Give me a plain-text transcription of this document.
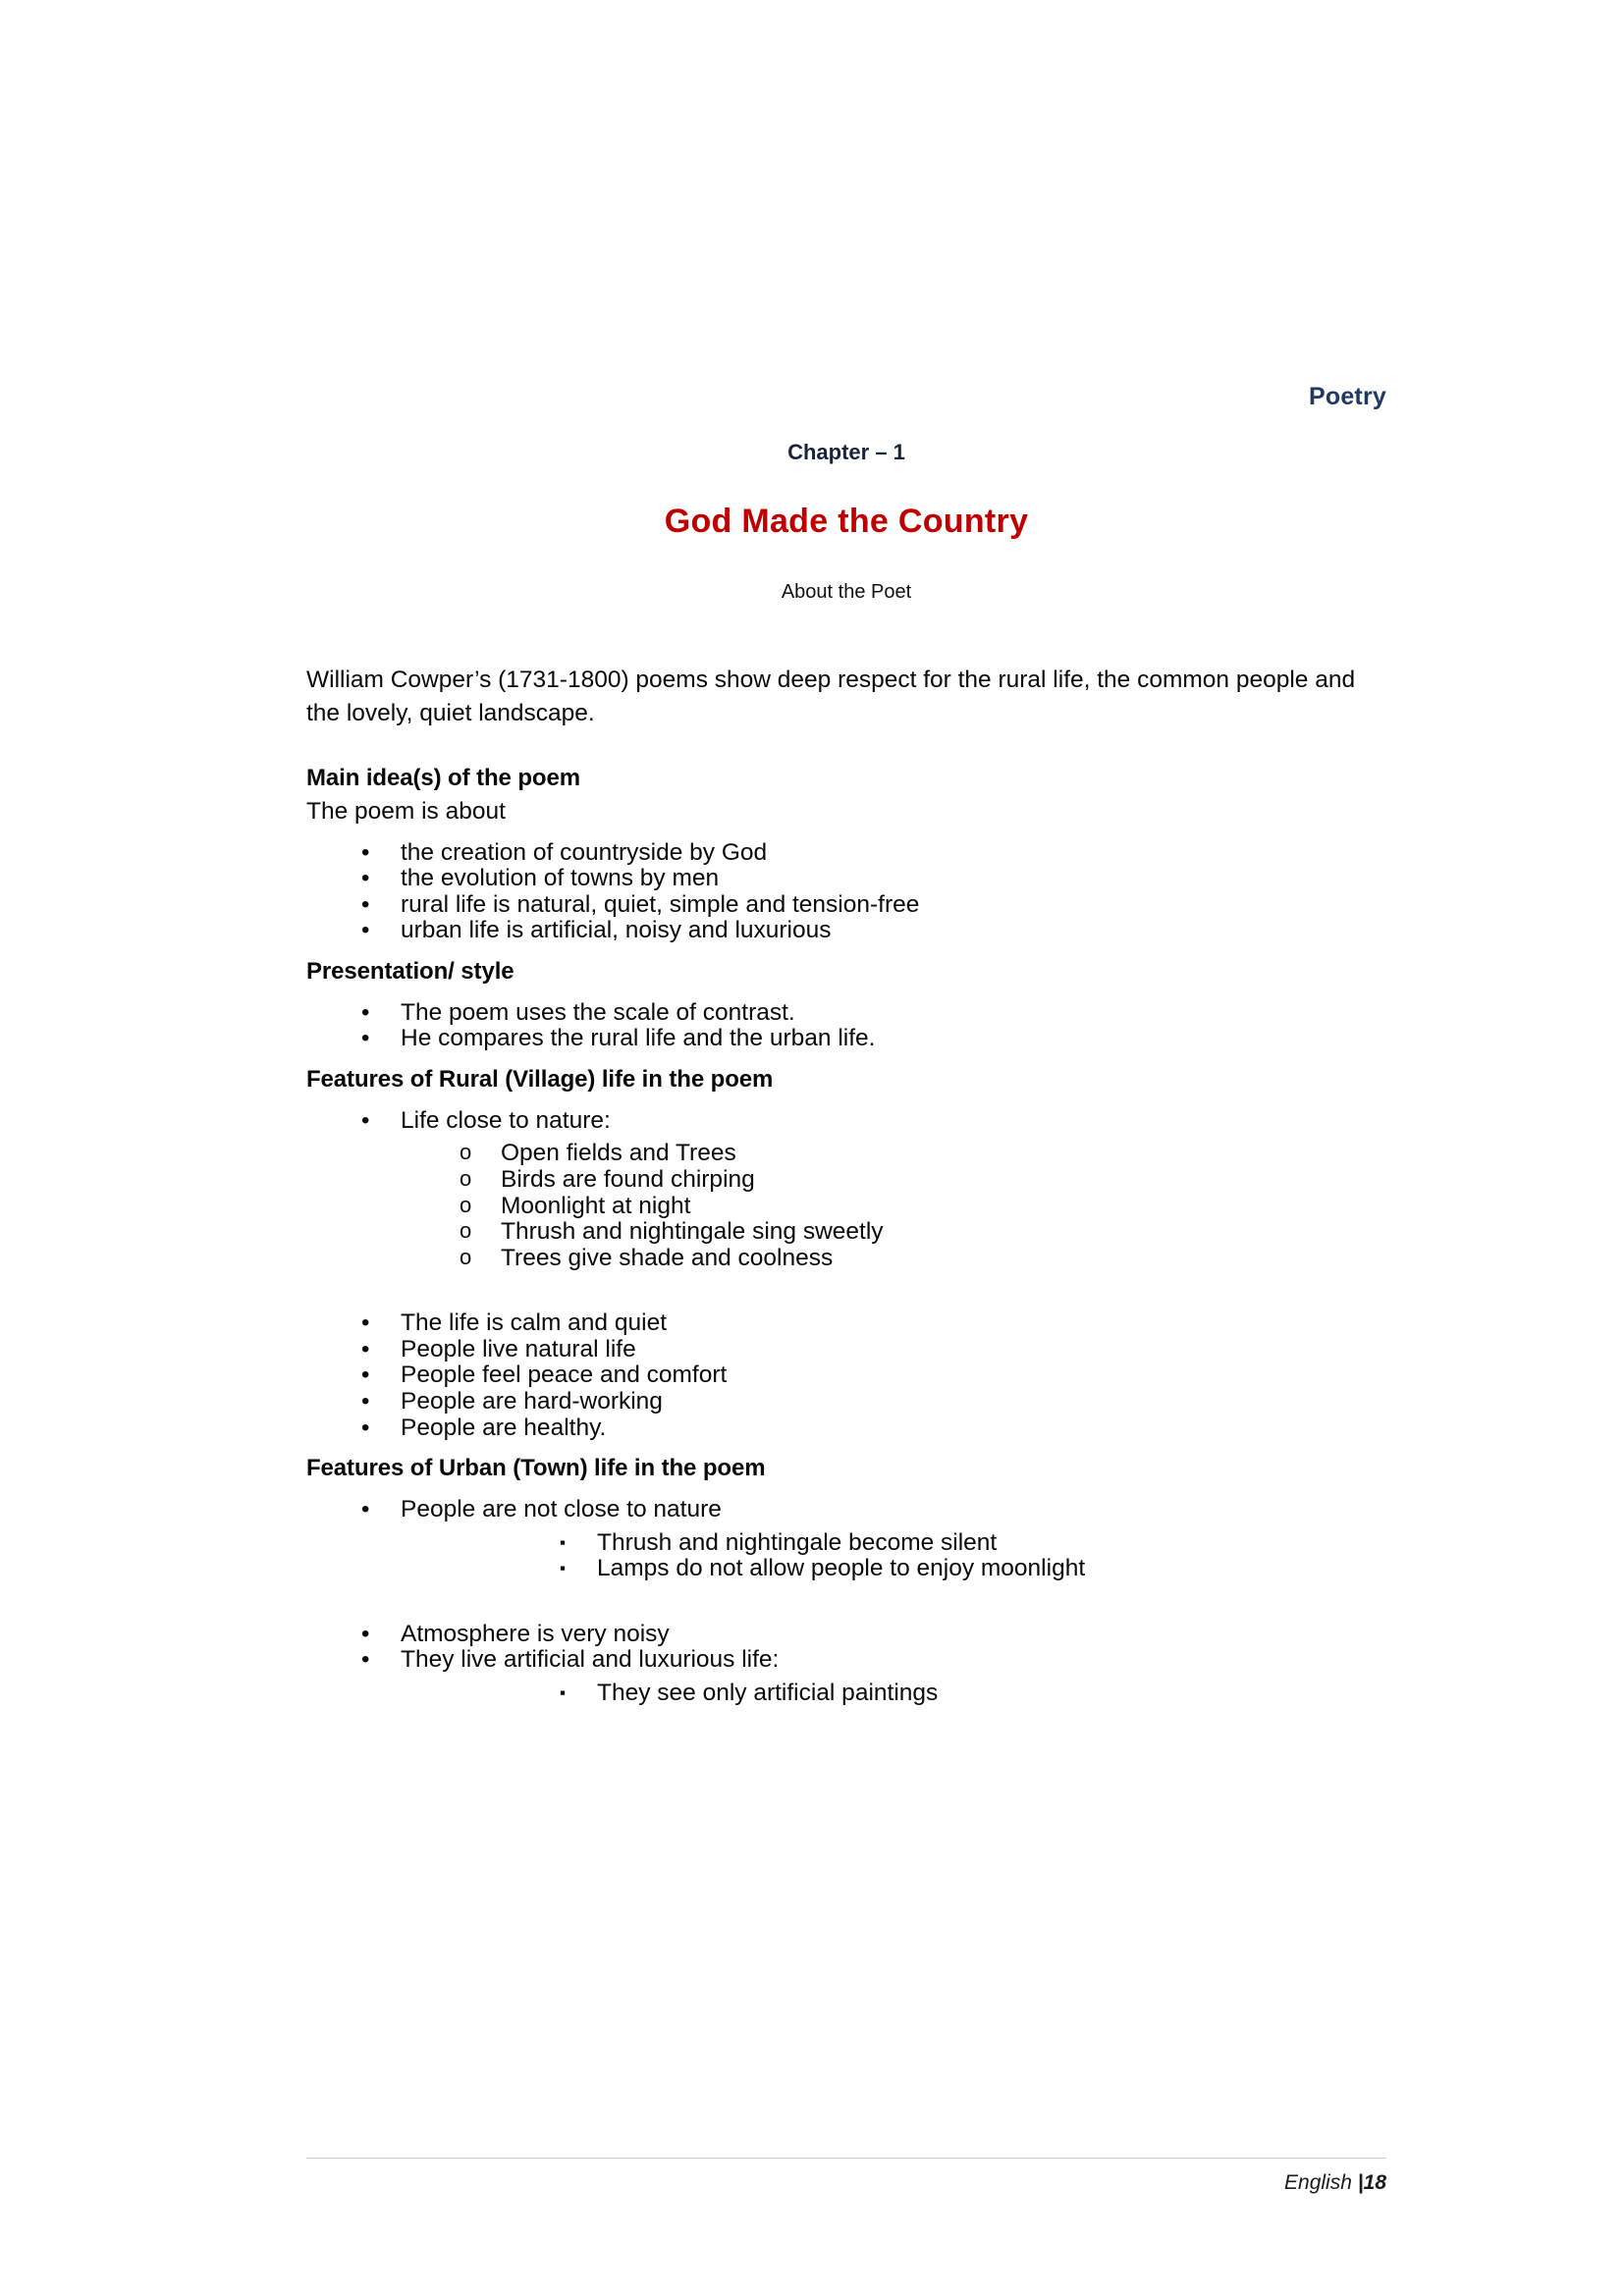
Poetry
Chapter – 1
God Made the Country
About the Poet

William Cowper’s (1731-1800) poems show deep respect for the rural life, the common people and the lovely, quiet landscape.

Main idea(s) of the poem
The poem is about
• the creation of countryside by God
• the evolution of towns by men
• rural life is natural, quiet, simple and tension-free
• urban life is artificial, noisy and luxurious
Presentation/ style
• The poem uses the scale of contrast.
• He compares the rural life and the urban life.
Features of Rural (Village) life in the poem
• Life close to nature:
o Open fields and Trees
o Birds are found chirping
o Moonlight at night
o Thrush and nightingale sing sweetly
o Trees give shade and coolness
• The life is calm and quiet
• People live natural life
• People feel peace and comfort
• People are hard-working
• People are healthy.
Features of Urban (Town) life in the poem
• People are not close to nature
▪ Thrush and nightingale become silent
▪ Lamps do not allow people to enjoy moonlight
• Atmosphere is very noisy
• They live artificial and luxurious life:
▪ They see only artificial paintings
English |18
